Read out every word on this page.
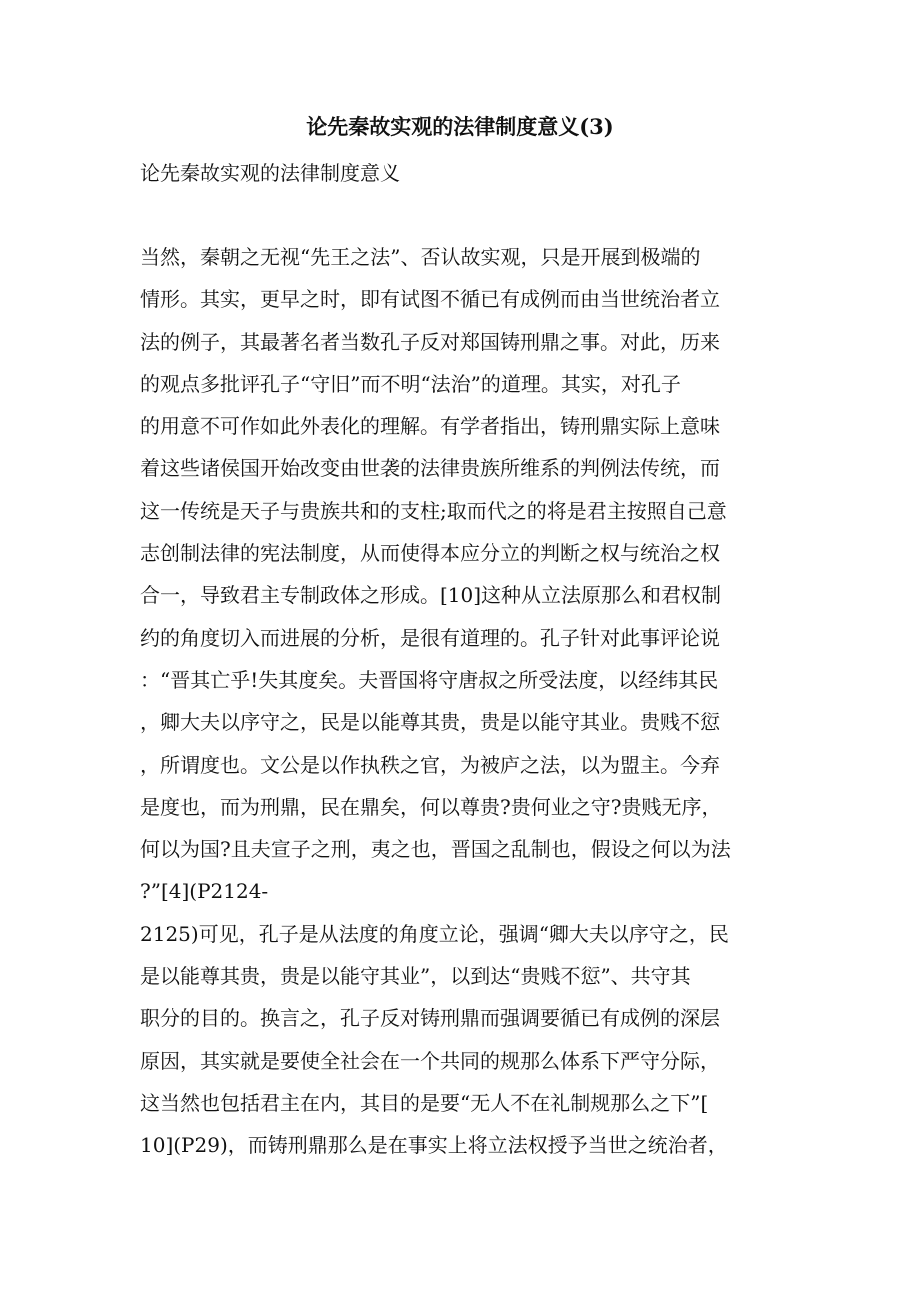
论先秦故实观的法律制度意义(3)
论先秦故实观的法律制度意义
当然，秦朝之无视“先王之法”、否认故实观，只是开展到极端的
情形。其实，更早之时，即有试图不循已有成例而由当世统治者立
法的例子，其最著名者当数孔子反对郑国铸刑鼎之事。对此，历来
的观点多批评孔子“守旧”而不明“法治”的道理。其实，对孔子
的用意不可作如此外表化的理解。有学者指出，铸刑鼎实际上意味
着这些诸侯国开始改变由世袭的法律贵族所维系的判例法传统，而
这一传统是天子与贵族共和的支柱;取而代之的将是君主按照自己意
志创制法律的宪法制度，从而使得本应分立的判断之权与统治之权
合一，导致君主专制政体之形成。[10]这种从立法原那么和君权制
约的角度切入而进展的分析，是很有道理的。孔子针对此事评论说
：“晋其亡乎!失其度矣。夫晋国将守唐叔之所受法度，以经纬其民
，卿大夫以序守之，民是以能尊其贵，贵是以能守其业。贵贱不愆
，所谓度也。文公是以作执秩之官，为被庐之法，以为盟主。今弃
是度也，而为刑鼎，民在鼎矣，何以尊贵?贵何业之守?贵贱无序，
何以为国?且夫宣子之刑，夷之也，晋国之乱制也，假设之何以为法
?”[4](P2124-
2125)可见，孔子是从法度的角度立论，强调“卿大夫以序守之，民
是以能尊其贵，贵是以能守其业”，以到达“贵贱不愆”、共守其
职分的目的。换言之，孔子反对铸刑鼎而强调要循已有成例的深层
原因，其实就是要使全社会在一个共同的规那么体系下严守分际，
这当然也包括君主在内，其目的是要“无人不在礼制规那么之下”[
10](P29)，而铸刑鼎那么是在事实上将立法权授予当世之统治者，
